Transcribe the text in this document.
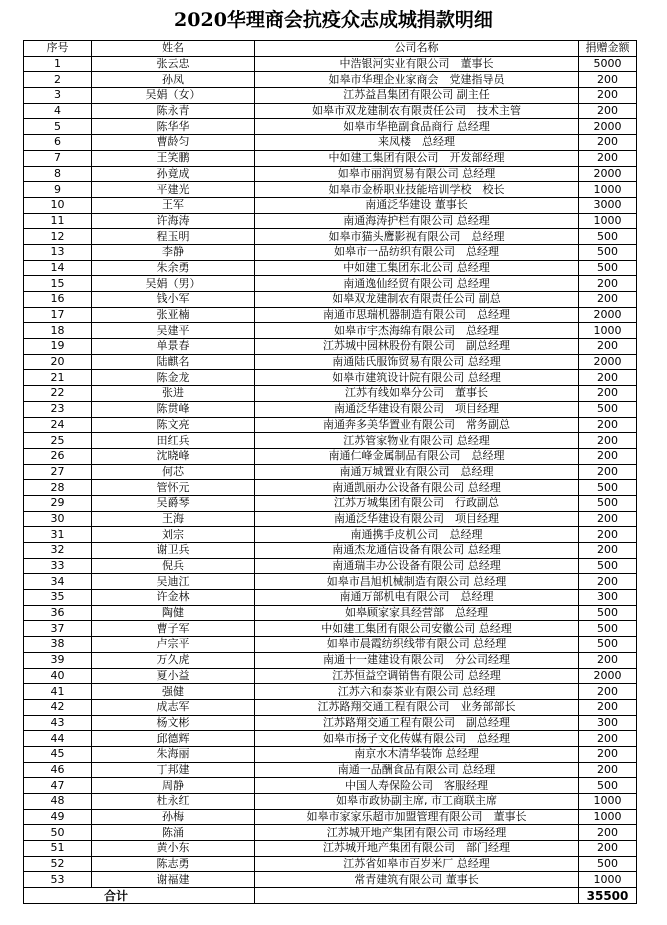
2020华理商会抗疫众志成城捐款明细
序号	姓名	公司名称	捐赠金额
1	张云忠	中浩银河实业有限公司　董事长	5000
2	孙凤	如皋市华理企业家商会　党建指导员	200
3	吴娟（女）	江苏益昌集团有限公司 副主任	200
4	陈永青	如皋市双龙建制农有限责任公司　技术主管	200
5	陈华华	如皋市华艳副食品商行 总经理	2000
6	曹龄匀	来凤楼　总经理	200
7	王笑鹏	中如建工集团有限公司　开发部经理	200
8	孙竟成	如皋市丽润贸易有限公司 总经理	2000
9	平建光	如皋市金桥职业技能培训学校　校长	1000
10	王军	南通泛华建设 董事长	3000
11	许海涛	南通海涛护栏有限公司 总经理	1000
12	程玉明	如皋市猫头鹰影视有限公司　总经理	500
13	李静	如皋市一品纺织有限公司　总经理	500
14	朱余勇	中如建工集团东北公司 总经理	500
15	吴娟（男）	南通逸仙经贸有限公司 总经理	200
16	钱小军	如皋双龙建制农有限责任公司 副总	200
17	张亚楠	南通市思瑞机器制造有限公司　总经理	2000
18	吴建平	如皋市宇杰海绵有限公司　总经理	1000
19	单景春	江苏城中园林股份有限公司　副总经理	200
20	陆麒名	南通陆氏服饰贸易有限公司 总经理	2000
21	陈金龙	如皋市建筑设计院有限公司 总经理	200
22	张进	江苏有线如皋分公司　董事长	200
23	陈贯峰	南通泛华建设有限公司　项目经理	500
24	陈文亮	南通奔多美华置业有限公司　常务副总	200
25	田红兵	江苏管家物业有限公司 总经理	200
26	沈晓峰	南通仁峰金属制品有限公司　总经理	200
27	何芯	南通万城置业有限公司　总经理	200
28	管怀元	南通凯丽办公设备有限公司 总经理	500
29	吴爵琴	江苏万城集团有限公司　行政副总	500
30	王海	南通泛华建设有限公司　项目经理	200
31	刘宗	南通携手皮机公司　总经理	200
32	谢卫兵	南通杰龙通信设备有限公司 总经理	200
33	倪兵	南通瑞丰办公设备有限公司 总经理	500
34	吴迪江	如皋市昌旭机械制造有限公司 总经理	200
35	许金林	南通万部机电有限公司　总经理	300
36	陶健	如皋顾家家具经营部　总经理	500
37	曹子军	中如建工集团有限公司安徽公司 总经理	500
38	卢宗平	如皋市晨霞纺织线带有限公司 总经理	500
39	万久虎	南通十一建建设有限公司　分公司经理	200
40	夏小益	江苏恒益空调销售有限公司 总经理	2000
41	强健	江苏六和泰茶业有限公司 总经理	200
42	成志军	江苏路翔交通工程有限公司　业务部部长	200
43	杨文彬	江苏路翔交通工程有限公司　副总经理	300
44	邱德辉	如皋市扬子文化传媒有限公司　总经理	200
45	朱海丽	南京水木清华装饰 总经理	200
46	丁邦建	南通一品酬食品有限公司 总经理	200
47	周静	中国人寿保险公司　客服经理	500
48	杜永红	如皋市政协副主席, 市工商联主席	1000
49	孙梅	如皋市家家乐超市加盟管理有限公司　董事长	1000
50	陈涌	江苏城开地产集团有限公司 市场经理	200
51	黄小东	江苏城开地产集团有限公司　部门经理	200
52	陈志勇	江苏省如皋市百岁米厂 总经理	500
53	谢福建	常青建筑有限公司 董事长	1000
合计			35500
